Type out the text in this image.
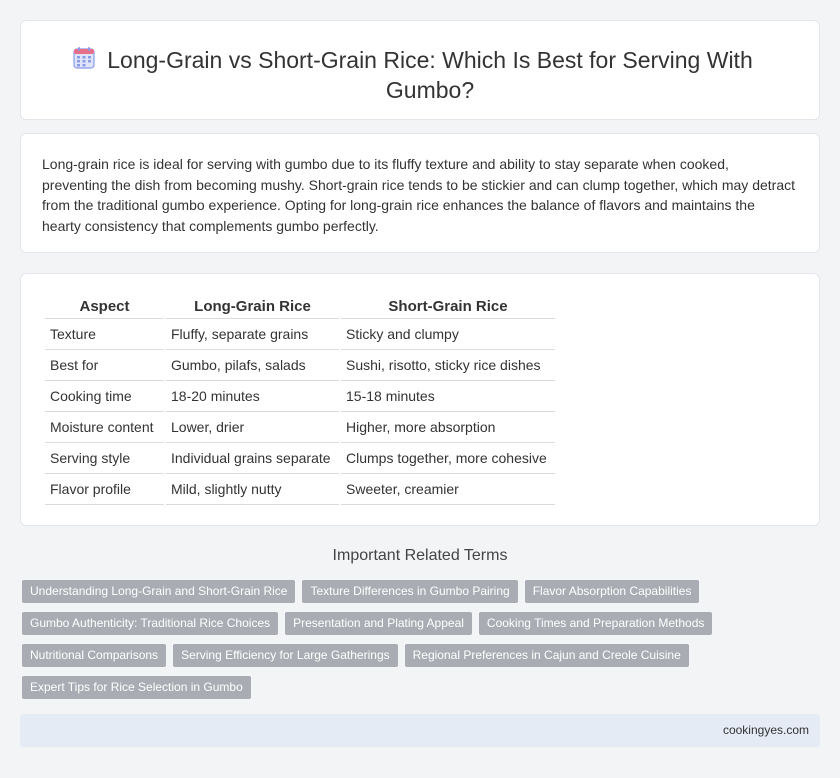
Long-Grain vs Short-Grain Rice: Which Is Best for Serving With Gumbo?

Long-grain rice is ideal for serving with gumbo due to its fluffy texture and ability to stay separate when cooked, preventing the dish from becoming mushy. Short-grain rice tends to be stickier and can clump together, which may detract from the traditional gumbo experience. Opting for long-grain rice enhances the balance of flavors and maintains the hearty consistency that complements gumbo perfectly.

Aspect	Long-Grain Rice	Short-Grain Rice
Texture	Fluffy, separate grains	Sticky and clumpy
Best for	Gumbo, pilafs, salads	Sushi, risotto, sticky rice dishes
Cooking time	18-20 minutes	15-18 minutes
Moisture content	Lower, drier	Higher, more absorption
Serving style	Individual grains separate	Clumps together, more cohesive
Flavor profile	Mild, slightly nutty	Sweeter, creamier
Important Related Terms
Understanding Long-Grain and Short-Grain Rice	Texture Differences in Gumbo Pairing	Flavor Absorption Capabilities
Gumbo Authenticity: Traditional Rice Choices	Presentation and Plating Appeal	Cooking Times and Preparation Methods
Nutritional Comparisons	Serving Efficiency for Large Gatherings	Regional Preferences in Cajun and Creole Cuisine
Expert Tips for Rice Selection in Gumbo
cookingyes.com
